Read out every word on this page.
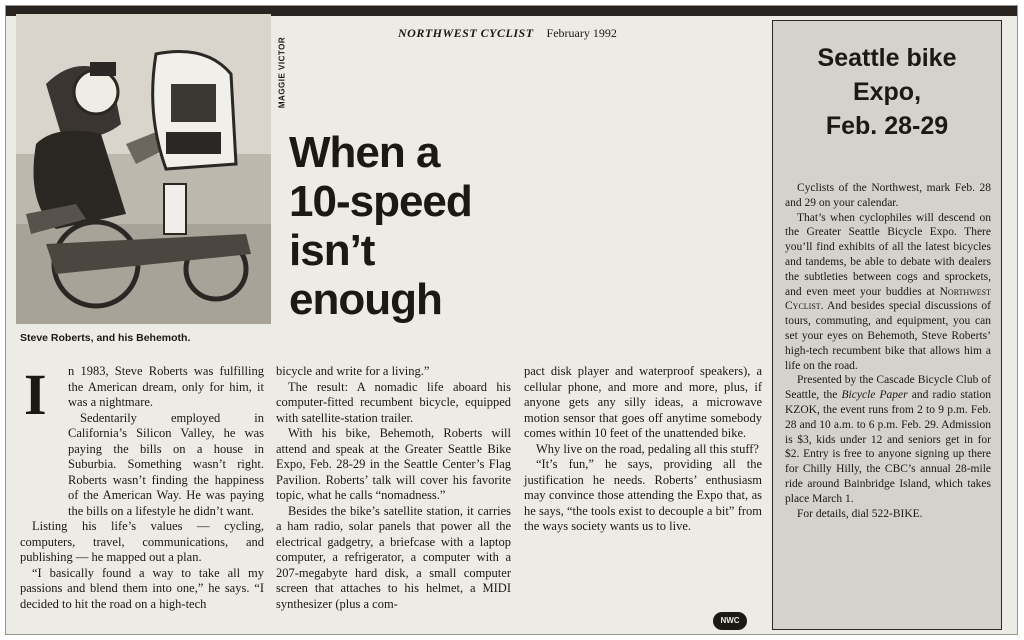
MAGGIE VICTOR
Steve Roberts, and his Behemoth.
NORTHWEST CYCLIST February 1992
When a
10-speed
isn’t
enough
I	n 1983, Steve Roberts was fulfilling the American dream, only for him, it was a nightmare.

Sedentarily employed in California’s Silicon Valley, he was paying the bills on a house in Suburbia. Something wasn’t right. Roberts wasn’t finding the happiness of the American Way. He was paying the bills on a lifestyle he didn’t want.

Listing his life’s values — cycling, computers, travel, communications, and publishing — he mapped out a plan.

“I basically found a way to take all my passions and blend them into one,” he says. “I decided to hit the road on a high-tech

bicycle and write for a living.”

The result: A nomadic life aboard his computer-fitted recumbent bicycle, equipped with satellite-station trailer.

With his bike, Behemoth, Roberts will attend and speak at the Greater Seattle Bike Expo, Feb. 28-29 in the Seattle Center’s Flag Pavilion. Roberts’ talk will cover his favorite topic, what he calls “nomadness.”

Besides the bike’s satellite station, it carries a ham radio, solar panels that power all the electrical gadgetry, a briefcase with a laptop computer, a refrigerator, a computer with a 207-megabyte hard disk, a small computer screen that attaches to his helmet, a MIDI synthesizer (plus a com-

pact disk player and waterproof speakers), a cellular phone, and more and more, plus, if anyone gets any silly ideas, a microwave motion sensor that goes off anytime somebody comes within 10 feet of the unattended bike.

Why live on the road, pedaling all this stuff?

“It’s fun,” he says, providing all the justification he needs. Roberts’ enthusiasm may convince those attending the Expo that, as he says, “the tools exist to decouple a bit” from the ways society wants us to live.

Seattle bike
Expo,
Feb. 28-29

Cyclists of the Northwest, mark Feb. 28 and 29 on your calendar.

That’s when cyclophiles will descend on the Greater Seattle Bicycle Expo. There you’ll find exhibits of all the latest bicycles and tandems, be able to debate with dealers the subtleties between cogs and sprockets, and even meet your buddies at Northwest Cyclist. And besides special discussions of tours, commuting, and equipment, you can set your eyes on Behemoth, Steve Roberts’ high-tech recumbent bike that allows him a life on the road.

Presented by the Cascade Bicycle Club of Seattle, the Bicycle Paper and radio station KZOK, the event runs from 2 to 9 p.m. Feb. 28 and 10 a.m. to 6 p.m. Feb. 29. Admission is $3, kids under 12 and seniors get in for $2. Entry is free to anyone signing up there for Chilly Hilly, the CBC’s annual 28-mile ride around Bainbridge Island, which takes place March 1.

For details, dial 522-BIKE.

NWC
